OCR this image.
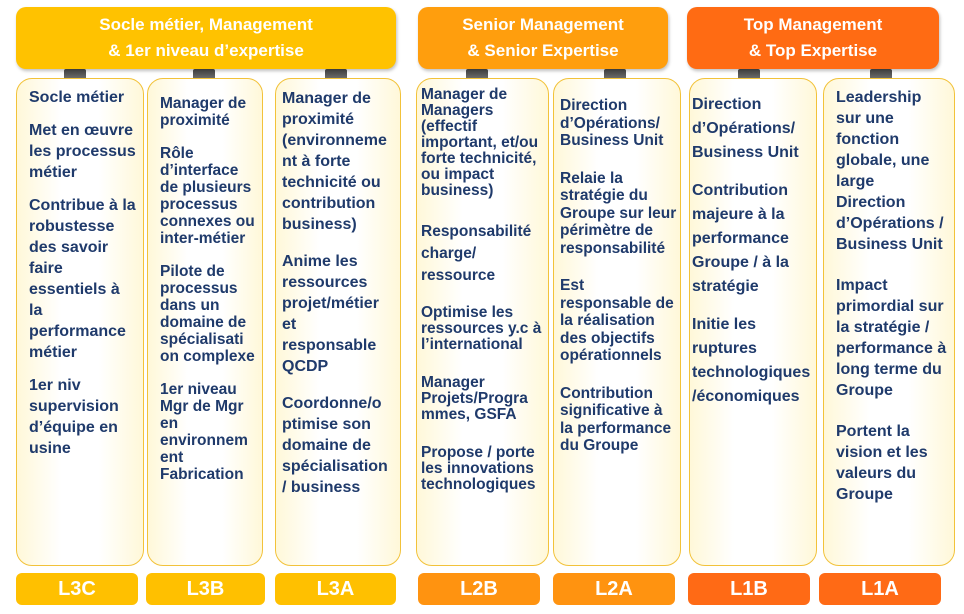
Socle métier, Management
& 1er niveau d’expertise
Senior Management
& Senior Expertise
Top Management
& Top Expertise
Socle métier
Met en œuvre les processus métier
Contribue à la robustesse des savoir faire essentiels à la performance métier
1er niv supervision d’équipe en usine
Manager de proximité
Rôle d’interface de plusieurs processus connexes ou inter-métier
Pilote de processus dans un domaine de spécialisati on complexe
1er niveau Mgr de Mgr en environnem ent Fabrication
Manager de proximité (environneme nt à forte technicité ou contribution business)
Anime les ressources projet/métier et responsable QCDP
Coordonne/o ptimise son domaine de spécialisation / business
Manager de Managers (effectif important, et/ou forte technicité, ou impact business)
Responsabilité charge/ ressource
Optimise les ressources y.c à l’international
Manager Projets/Progra mmes, GSFA
Propose / porte les innovations technologiques
Direction d’Opérations/ Business Unit
Relaie la stratégie du Groupe sur leur périmètre de responsabilité
Est responsable de la réalisation des objectifs opérationnels
Contribution significative à la performance du Groupe
Direction d’Opérations/ Business Unit
Contribution majeure à la performance Groupe / à la stratégie
Initie les ruptures technologiques /économiques
Leadership sur une fonction globale, une large Direction d’Opérations / Business Unit
Impact primordial sur la stratégie / performance à long terme du Groupe
Portent la vision et les valeurs du Groupe
L3C	L3B	L3A	L2B	L2A	L1B	L1A
